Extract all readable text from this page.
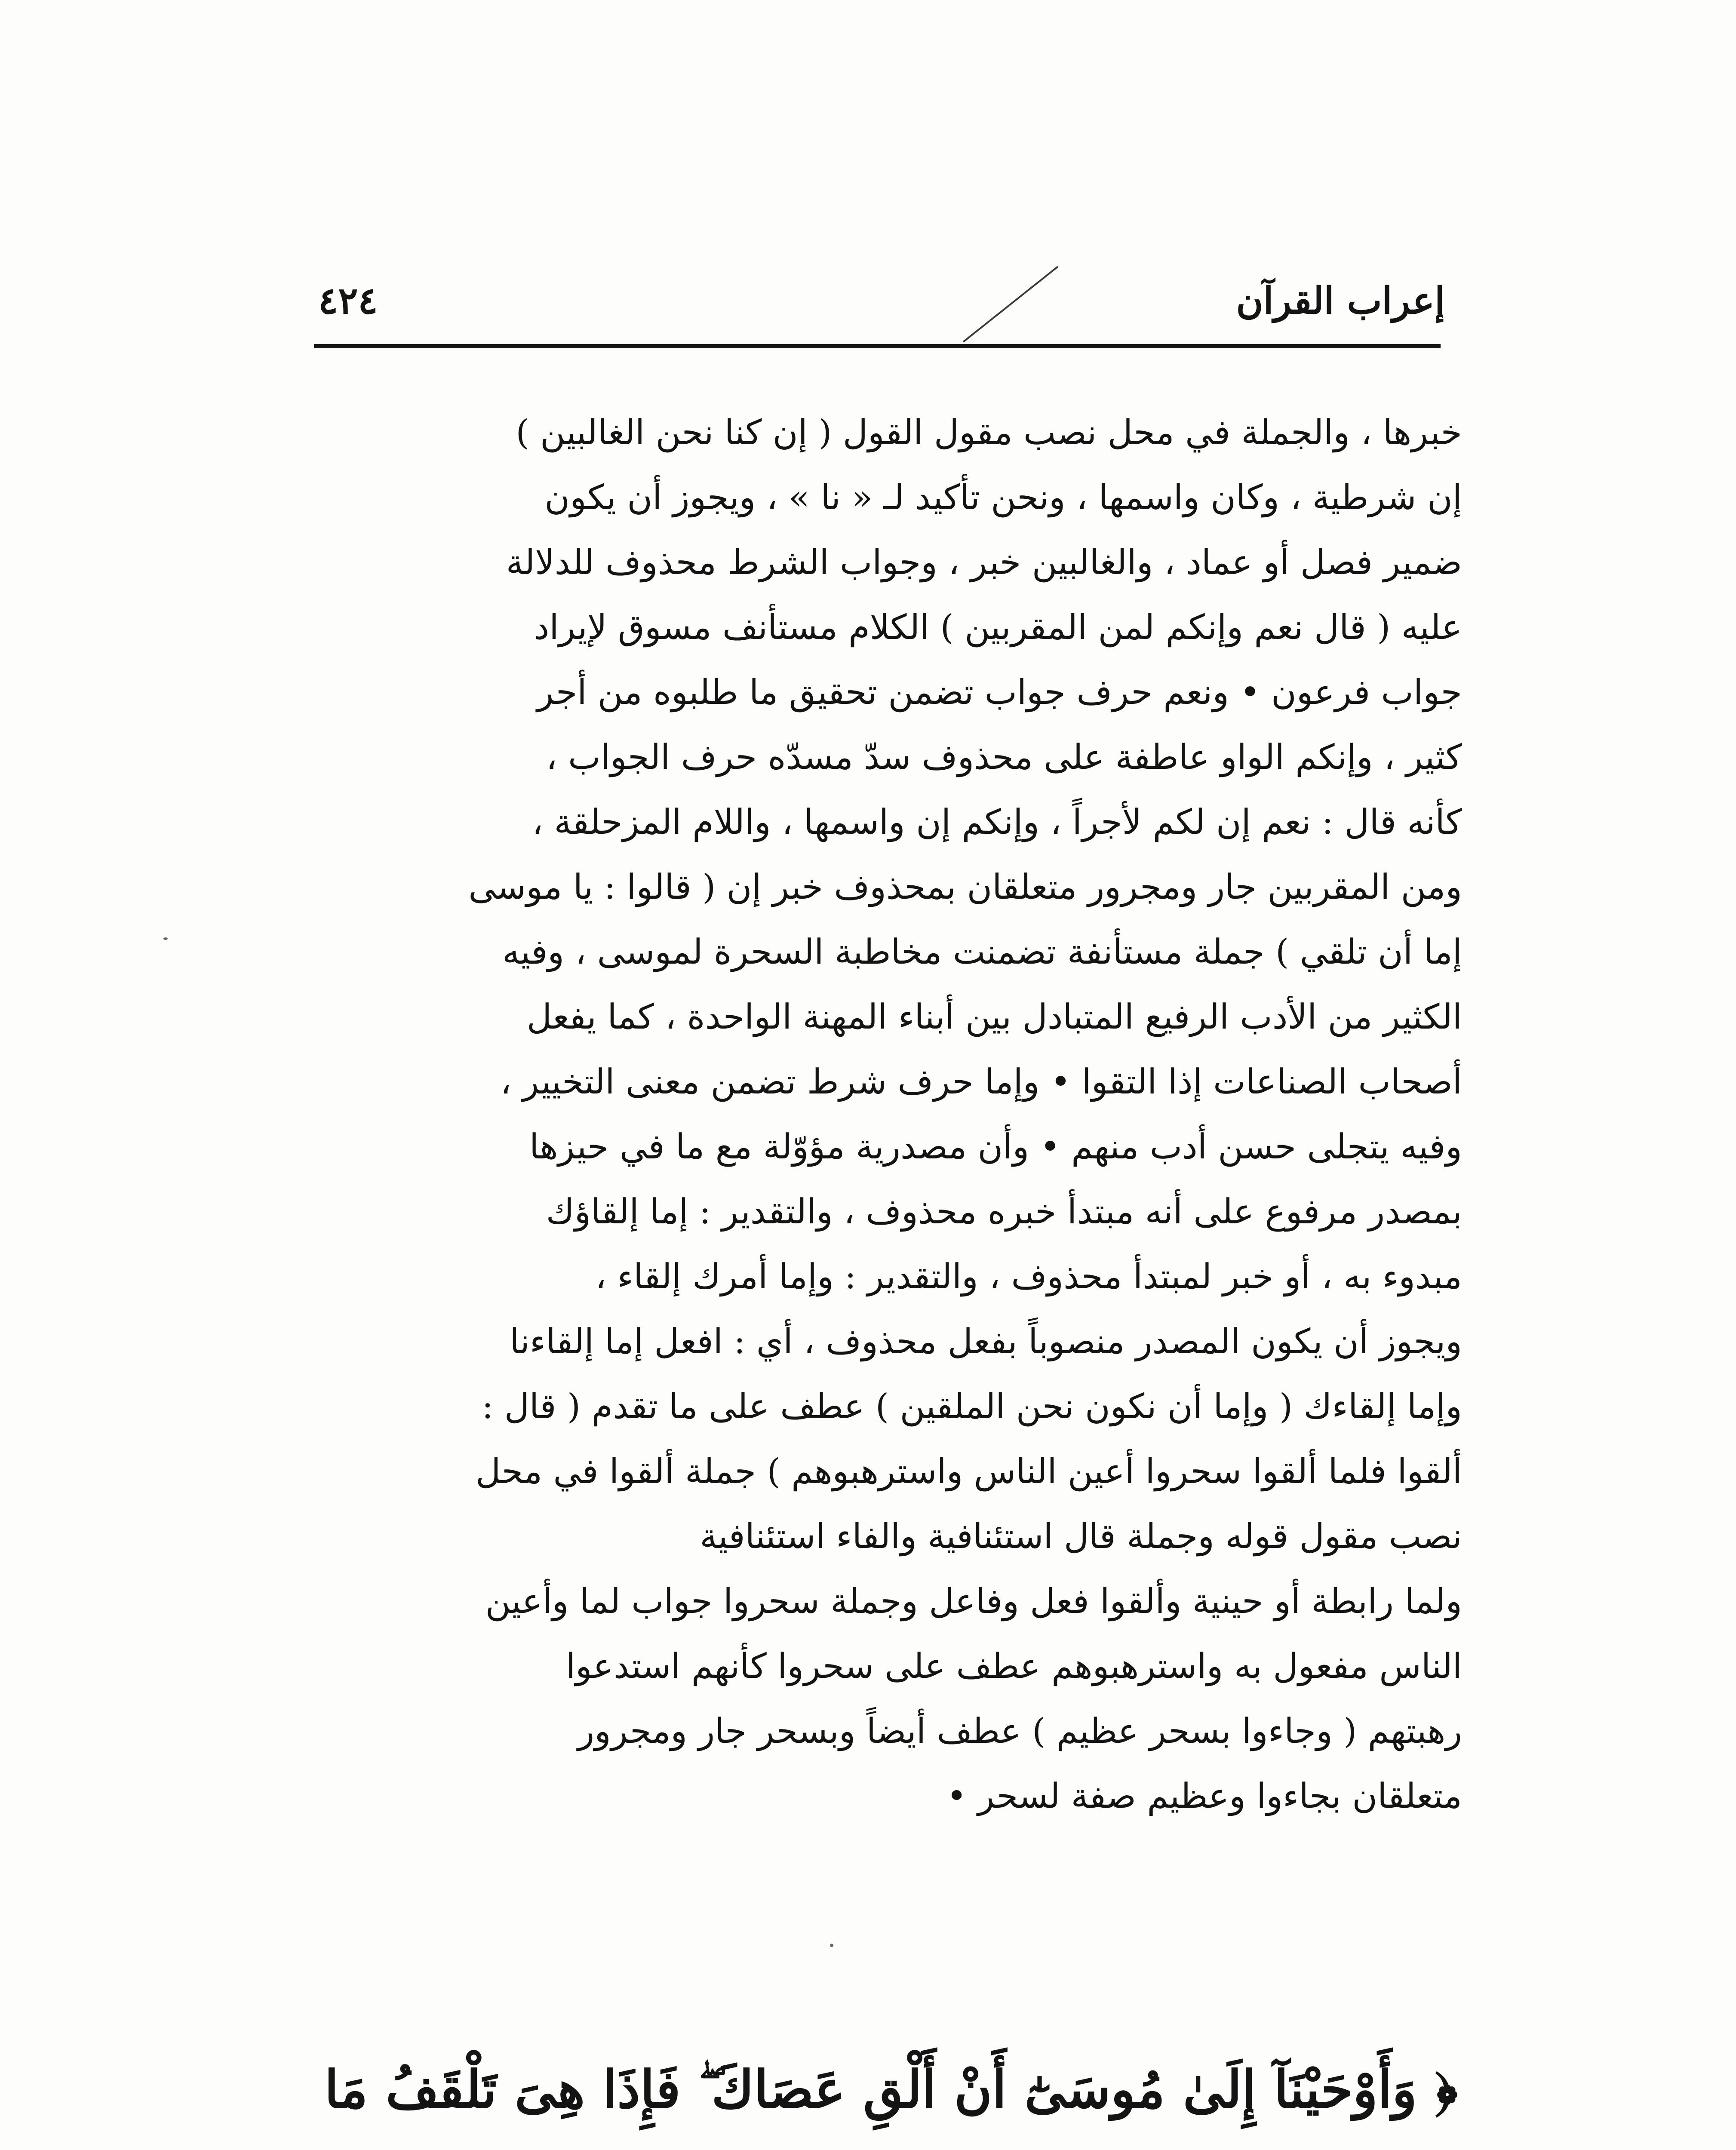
إعراب القرآن
٤٢٤
خبرها ، والجملة في محل نصب مقول القول ( إن كنا نحن الغالبين )
إن شرطية ، وكان واسمها ، ونحن تأكيد لـ « نا » ، ويجوز أن يكون
ضمير فصل أو عماد ، والغالبين خبر ، وجواب الشرط محذوف للدلالة
عليه ( قال نعم وإنكم لمن المقربين ) الكلام مستأنف مسوق لإيراد
جواب فرعون • ونعم حرف جواب تضمن تحقيق ما طلبوه من أجر
كثير ، وإنكم الواو عاطفة على محذوف سدّ مسدّه حرف الجواب ،
كأنه قال : نعم إن لكم لأجراً ، وإنكم إن واسمها ، واللام المزحلقة ،
ومن المقربين جار ومجرور متعلقان بمحذوف خبر إن ( قالوا : يا موسى
إما أن تلقي ) جملة مستأنفة تضمنت مخاطبة السحرة لموسى ، وفيه
الكثير من الأدب الرفيع المتبادل بين أبناء المهنة الواحدة ، كما يفعل
أصحاب الصناعات إذا التقوا • وإما حرف شرط تضمن معنى التخيير ،
وفيه يتجلى حسن أدب منهم • وأن مصدرية مؤوّلة مع ما في حيزها
بمصدر مرفوع على أنه مبتدأ خبره محذوف ، والتقدير : إما إلقاؤك
مبدوء به ، أو خبر لمبتدأ محذوف ، والتقدير : وإما أمرك إلقاء ،
ويجوز أن يكون المصدر منصوباً بفعل محذوف ، أي : افعل إما إلقاءنا
وإما إلقاءك ( وإما أن نكون نحن الملقين ) عطف على ما تقدم ( قال :
ألقوا فلما ألقوا سحروا أعين الناس واسترهبوهم ) جملة ألقوا في محل
نصب مقول قوله وجملة قال استئنافية والفاء استئنافية
ولما رابطة أو حينية وألقوا فعل وفاعل وجملة سحروا جواب لما وأعين
الناس مفعول به واسترهبوهم عطف على سحروا كأنهم استدعوا
رهبتهم ( وجاءوا بسحر عظيم ) عطف أيضاً وبسحر جار ومجرور
متعلقان بجاءوا وعظيم صفة لسحر •
﴿ وَأَوْحَيْنَآ إِلَىٰ مُوسَىٰٓ أَنْ أَلْقِ عَصَاكَ ۖ فَإِذَا هِىَ تَلْقَفُ مَا
